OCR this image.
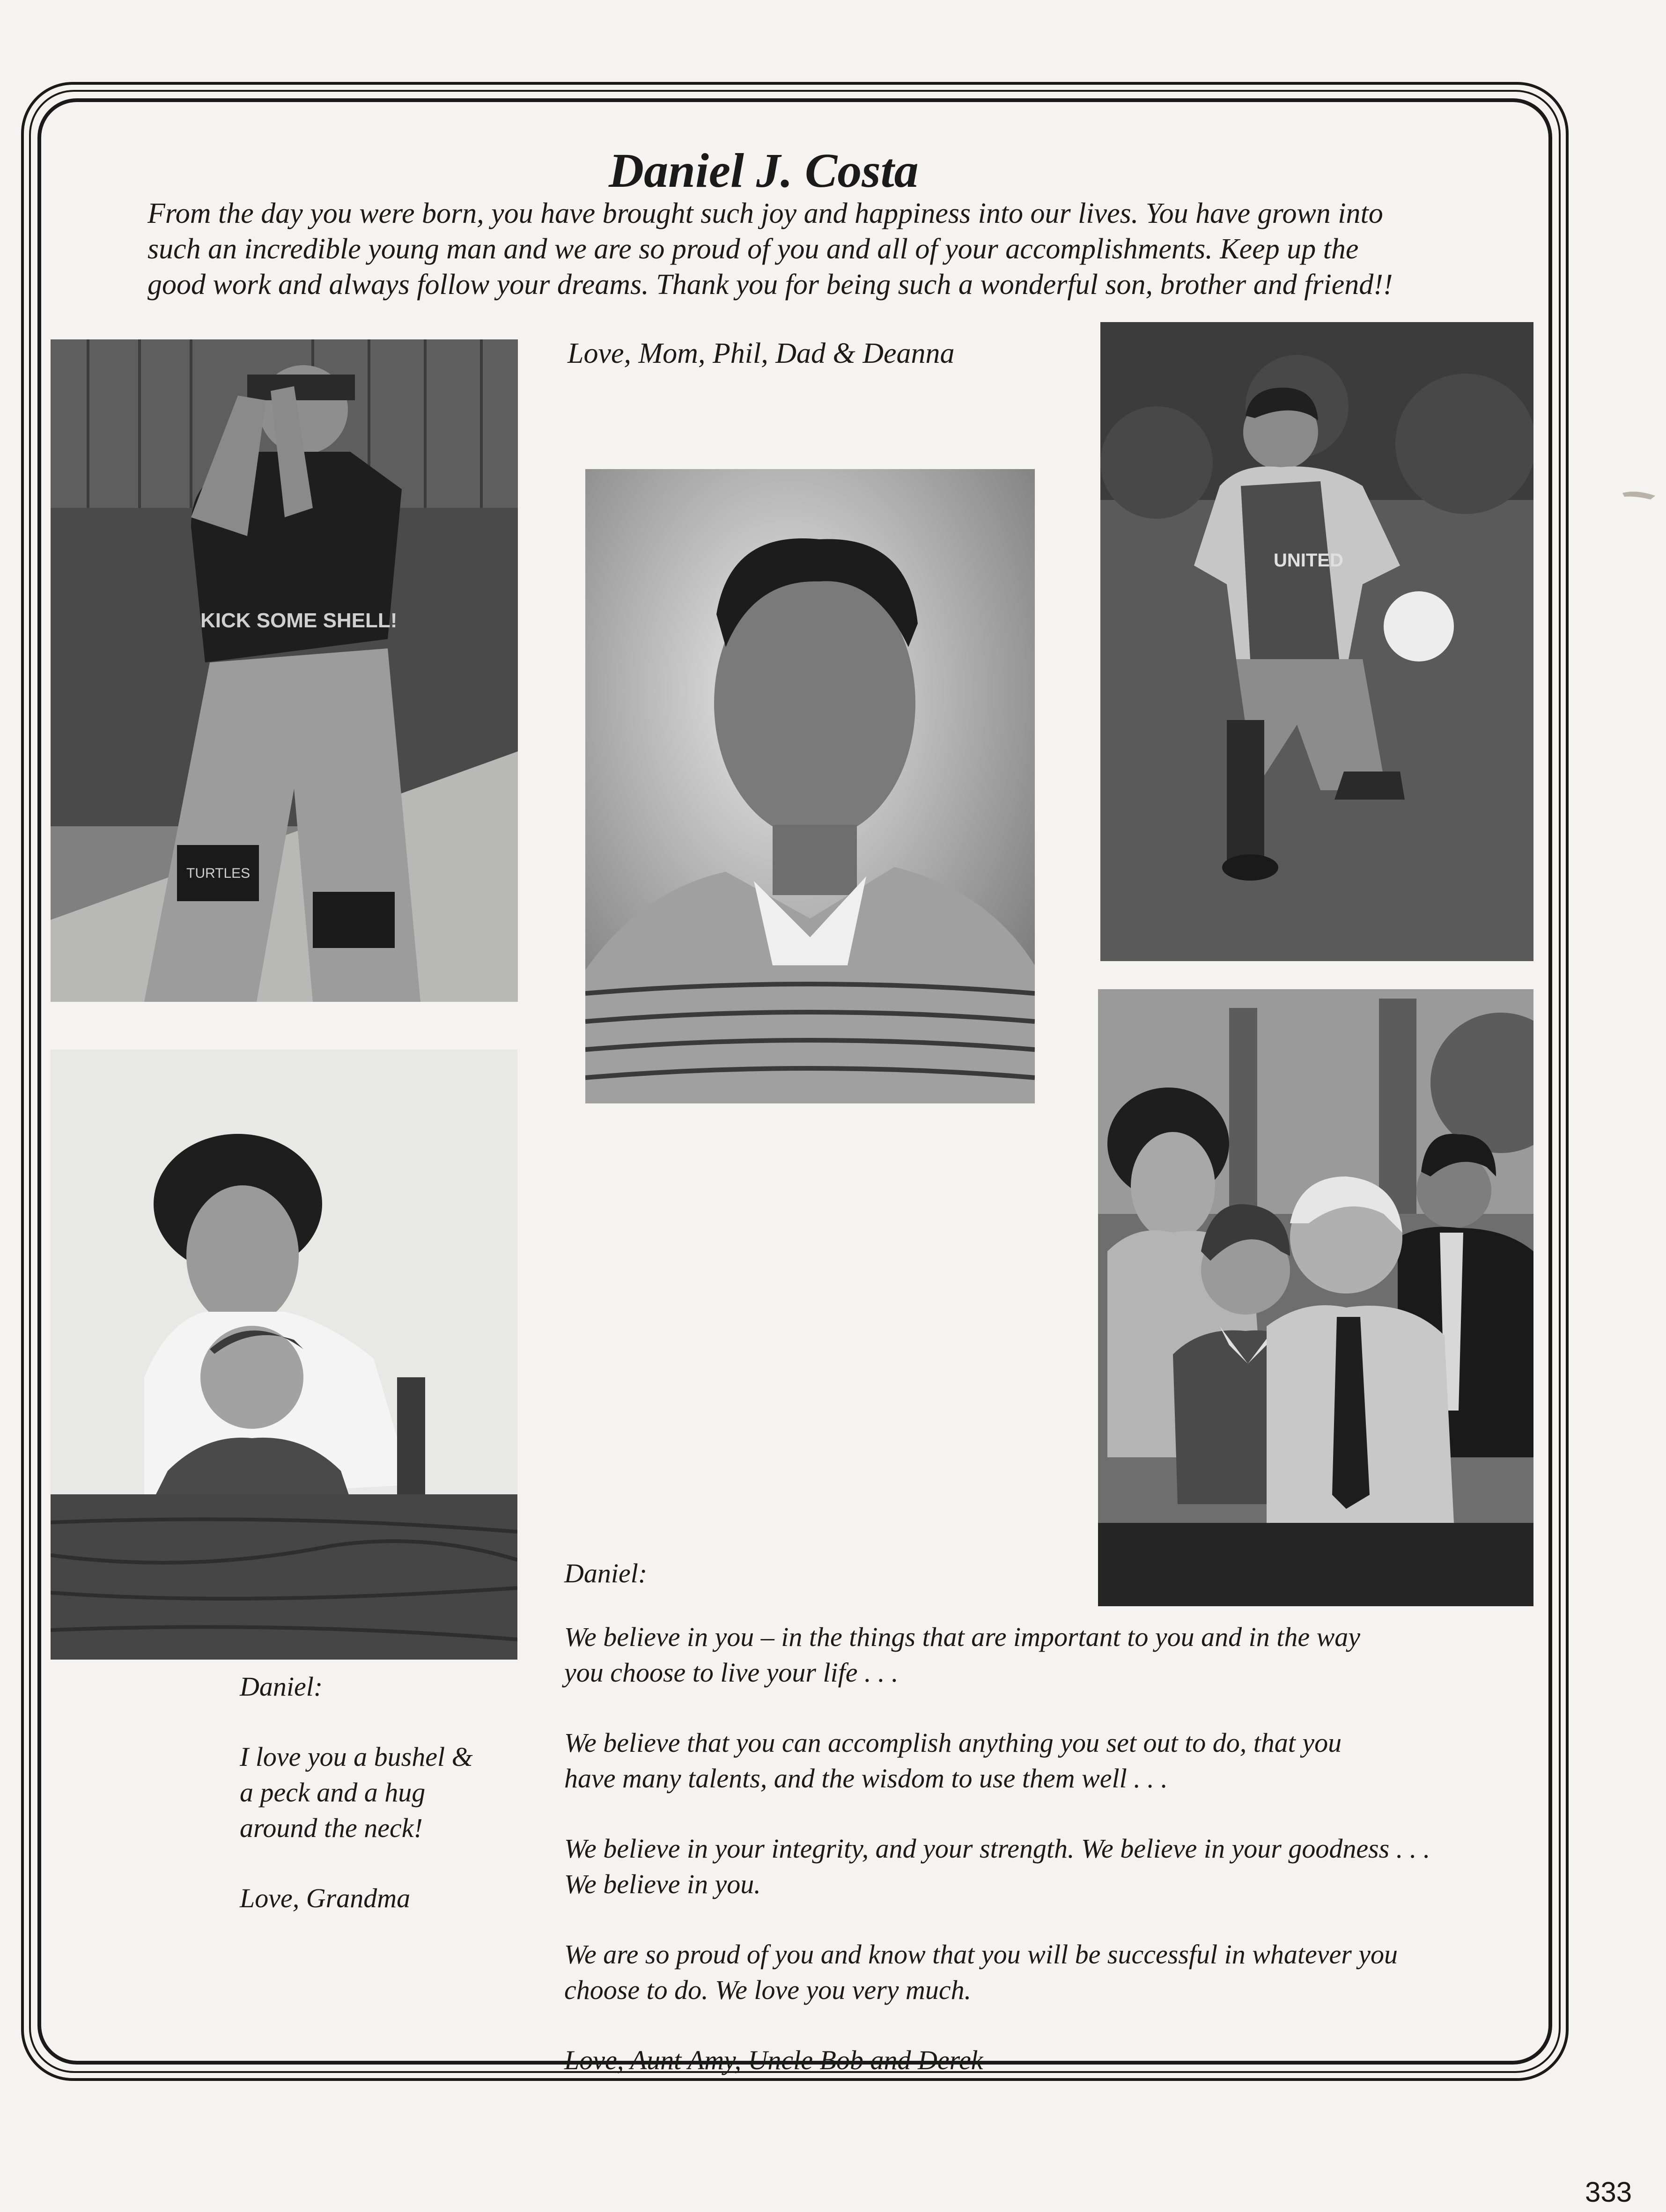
Daniel J. Costa
From the day you were born, you have brought such joy and happiness into our lives. You have grown into such an incredible young man and we are so proud of you and all of your accomplishments. Keep up the good work and always follow your dreams. Thank you for being such a wonderful son, brother and friend!!
Love, Mom, Phil, Dad & Deanna
KICK SOME SHELL!
TURTLES
UNITED

Daniel:

I love you a bushel &
a peck and a hug
around the neck!

Love, Grandma

Daniel:

We believe in you – in the things that are important to you and in the way
you choose to live your life . . .

We believe that you can accomplish anything you set out to do, that you
have many talents, and the wisdom to use them well . . .

We believe in your integrity, and your strength. We believe in your goodness . . .
We believe in you.

We are so proud of you and know that you will be successful in whatever you
choose to do. We love you very much.

Love, Aunt Amy, Uncle Bob and Derek

333
